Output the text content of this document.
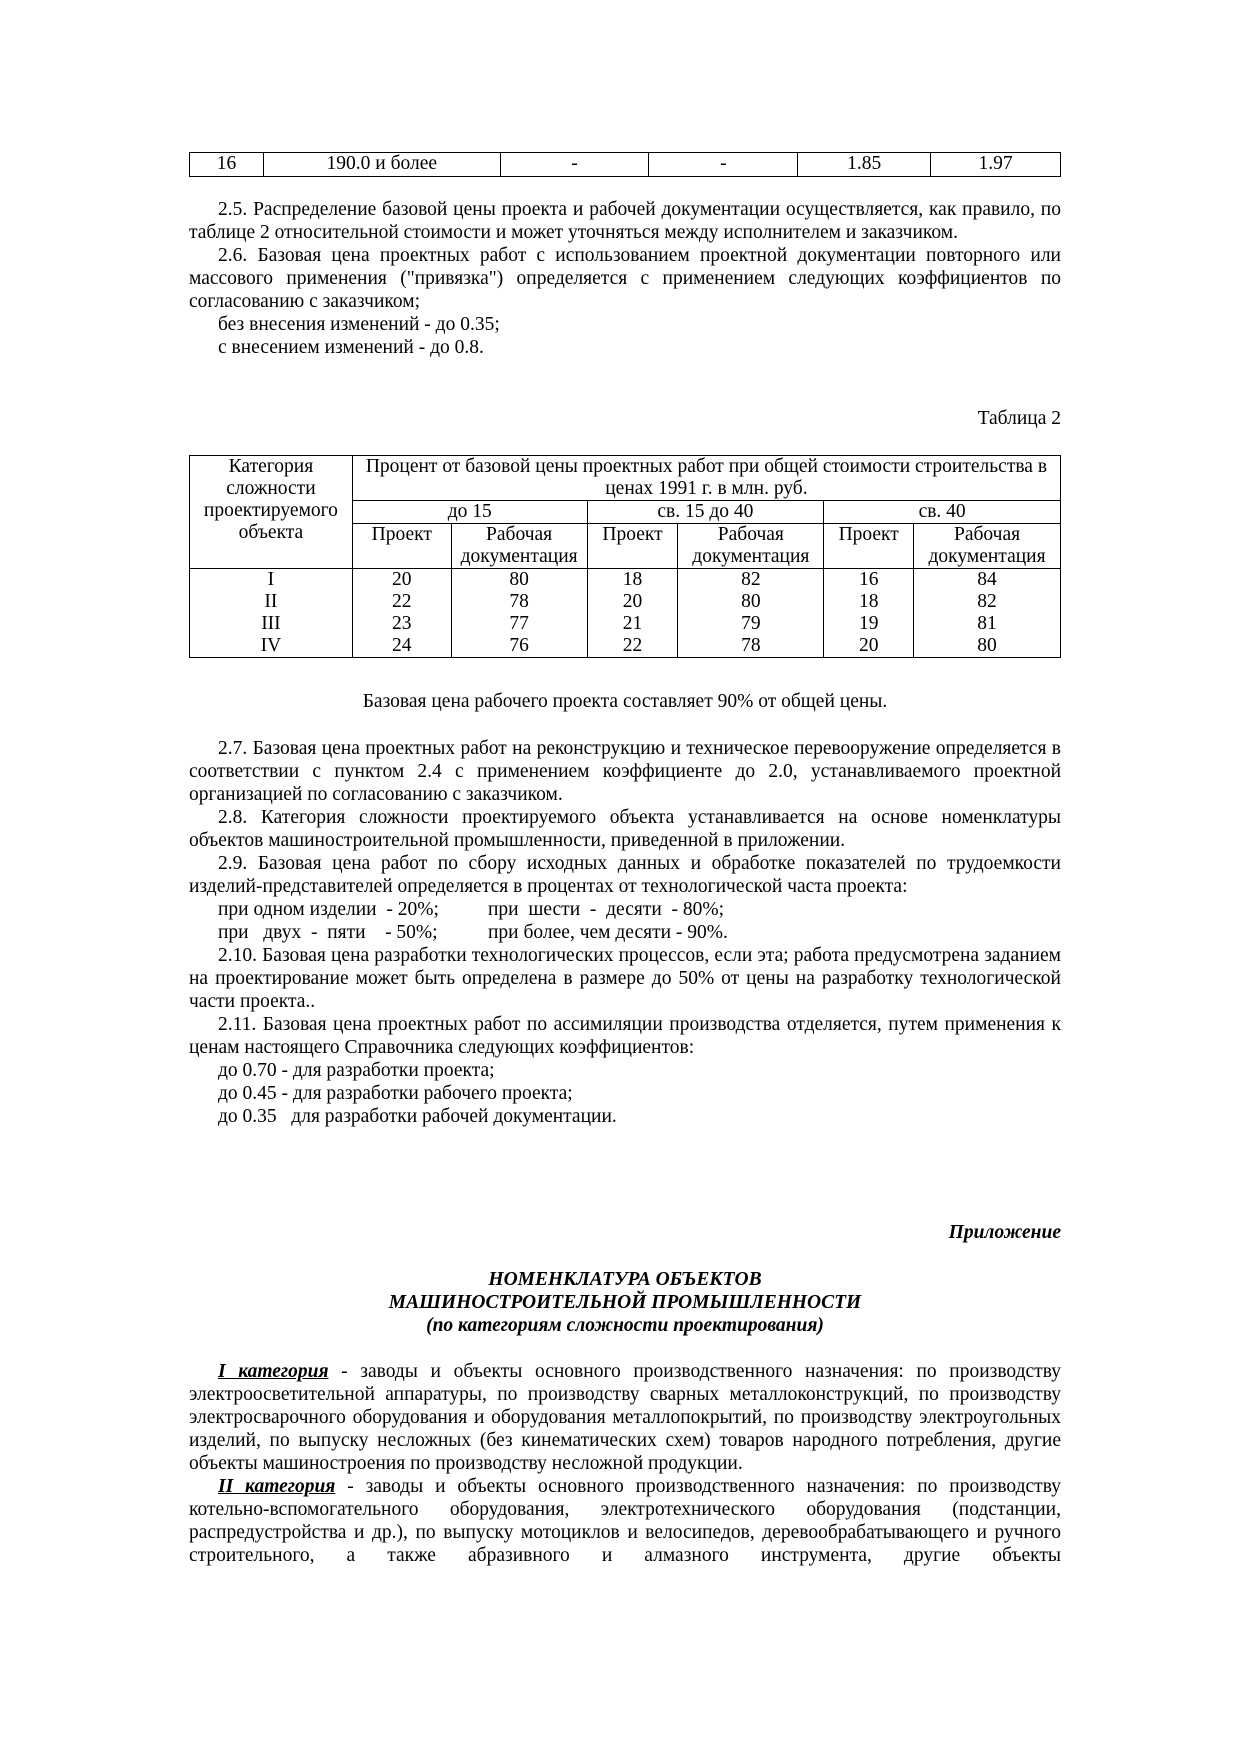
16	190.0 и более	-	-	1.85	1.97

2.5. Распределение базовой цены проекта и рабочей документации осуществляется, как правило, по таблице 2 относительной стоимости и может уточняться между исполнителем и заказчиком.

2.6. Базовая цена проектных работ с использованием проектной документации повторного или массового применения ("привязка") определяется с применением следующих коэффициентов по согласованию с заказчиком;

без внесения изменений - до 0.35;

с внесением изменений - до 0.8.

Таблица 2
Категория сложности проектируемого объекта	Процент от базовой цены проектных работ при общей стоимости строительства в ценах 1991 г. в млн. руб.					
	до 15		св. 15 до 40		св. 40	
	Проект	Рабочая документация	Проект	Рабочая документация	Проект	Рабочая документация
I	20	80	18	82	16	84
II	22	78	20	80	18	82
III	23	77	21	79	19	81
IV	24	76	22	78	20	80
Базовая цена рабочего проекта составляет 90% от общей цены.

2.7. Базовая цена проектных работ на реконструкцию и техническое перевооружение определяется в соответствии с пунктом 2.4 с применением коэффициенте до 2.0, устанавливаемого проектной организацией по согласованию с заказчиком.

2.8. Категория сложности проектируемого объекта устанавливается на основе номенклатуры объектов машиностроительной промышленности, приведенной в приложении.

2.9. Базовая цена работ по сбору исходных данных и обработке показателей по трудоемкости изделий-представителей определяется в процентах от технологической часта проекта:

при одном изделии  - 20%;	при  шести  -  десяти  - 80%;

при   двух  -  пяти    - 50%;	при более, чем десяти - 90%.

2.10. Базовая цена разработки технологических процессов, если эта; работа предусмотрена заданием на проектирование может быть определена в размере до 50% от цены на разработку технологической части проекта..

2.11. Базовая цена проектных работ по ассимиляции производства отделяется, путем применения к ценам настоящего Справочника следующих коэффициентов:

до 0.70 - для разработки проекта;

до 0.45 - для разработки рабочего проекта;

до 0.35   для разработки рабочей документации.

Приложение
НОМЕНКЛАТУРА ОБЪЕКТОВ
МАШИНОСТРОИТЕЛЬНОЙ ПРОМЫШЛЕННОСТИ
(по категориям сложности проектирования)

I категория - заводы и объекты основного производственного назначения: по производству электроосветительной аппаратуры, по производству сварных металлоконструкций, по производству электросварочного оборудования и оборудования металлопокрытий, по производству электроугольных изделий, по выпуску несложных (без кинематических схем) товаров народного потребления, другие объекты машиностроения по производству несложной продукции.

II категория - заводы и объекты основного производственного назначения: по производству котельно-вспомогательного оборудования, электротехнического оборудования (подстанции, распредустройства и др.), по выпуску мотоциклов и велосипедов, деревообрабатывающего и ручного строительного, а также абразивного и алмазного инструмента, другие объекты
